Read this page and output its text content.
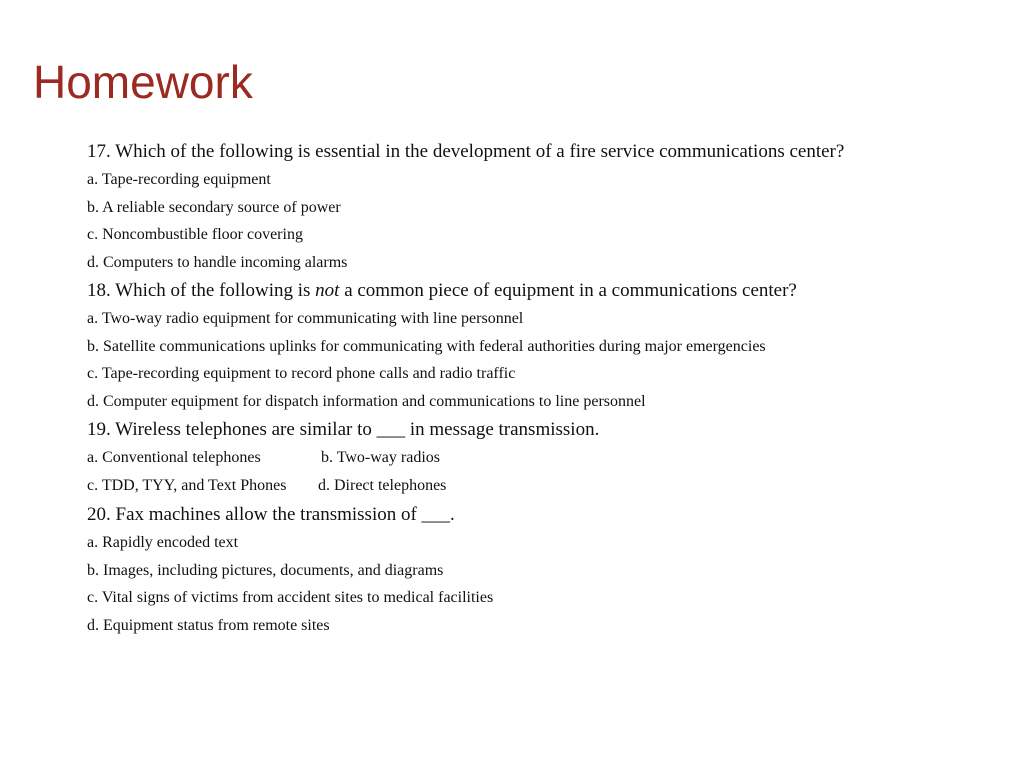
Homework
17. Which of the following is essential in the development of a fire service communications center?
a. Tape-recording equipment
b. A reliable secondary source of power
c. Noncombustible floor covering
d. Computers to handle incoming alarms
18. Which of the following is not a common piece of equipment in a communications center?
a. Two-way radio equipment for communicating with line personnel
b. Satellite communications uplinks for communicating with federal authorities during major emergencies
c. Tape-recording equipment to record phone calls and radio traffic
d. Computer equipment for dispatch information and communications to line personnel
19. Wireless telephones are similar to ___ in message transmission.
a. Conventional telephones	b. Two-way radios
c. TDD, TYY, and Text Phones d. Direct telephones
20. Fax machines allow the transmission of ___.
a. Rapidly encoded text
b. Images, including pictures, documents, and diagrams
c. Vital signs of victims from accident sites to medical facilities
d. Equipment status from remote sites
